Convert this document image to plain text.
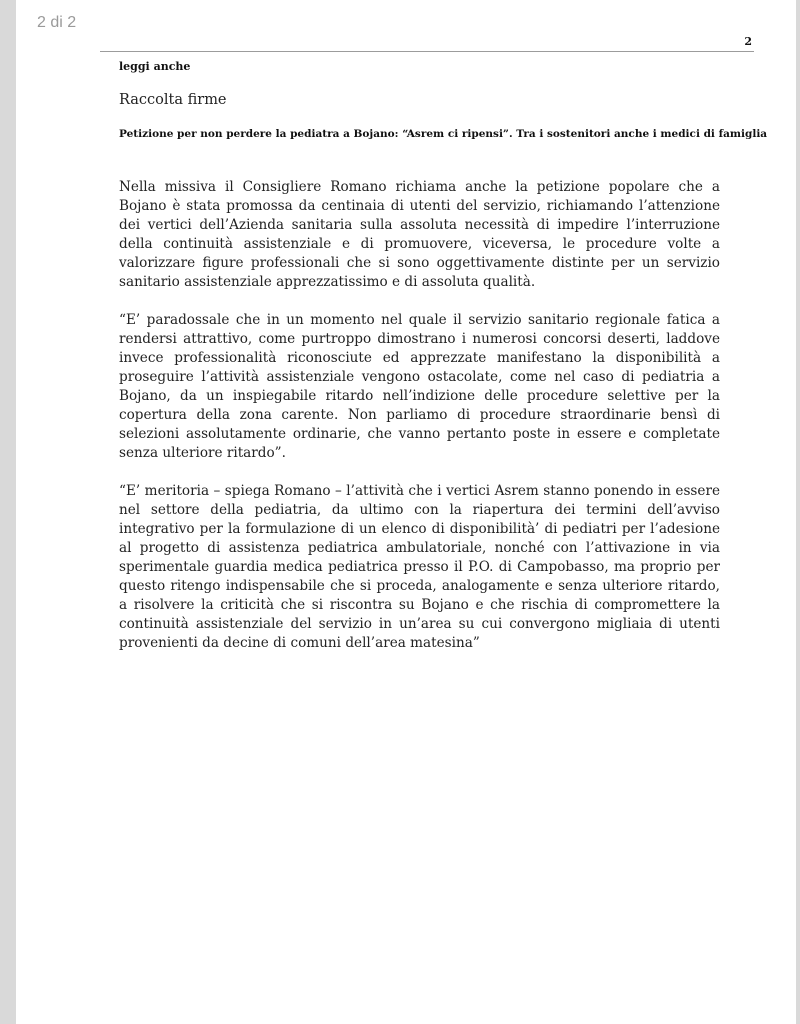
2 di 2
2
leggi anche
Raccolta firme
Petizione per non perdere la pediatra a Bojano: “Asrem ci ripensi”. Tra i sostenitori anche i medici di famiglia

Nella missiva il Consigliere Romano richiama anche la petizione popolare che a Bojano è stata promossa da centinaia di utenti del servizio, richiamando l’attenzione dei vertici dell’Azienda sanitaria sulla assoluta necessità di impedire l’interruzione della continuità assistenziale e di promuovere, viceversa, le procedure volte a valorizzare figure professionali che si sono oggettivamente distinte per un servizio sanitario assistenziale apprezzatissimo e di assoluta qualità.

“E’ paradossale che in un momento nel quale il servizio sanitario regionale fatica a rendersi attrattivo, come purtroppo dimostrano i numerosi concorsi deserti, laddove invece professionalità riconosciute ed apprezzate manifestano la disponibilità a proseguire l’attività assistenziale vengono ostacolate, come nel caso di pediatria a Bojano, da un inspiegabile ritardo nell’indizione delle procedure selettive per la copertura della zona carente. Non parliamo di procedure straordinarie bensì di selezioni assolutamente ordinarie, che vanno pertanto poste in essere e completate senza ulteriore ritardo”.

“E’ meritoria – spiega Romano – l’attività che i vertici Asrem stanno ponendo in essere nel settore della pediatria, da ultimo con la riapertura dei termini dell’avviso integrativo per la formulazione di un elenco di disponibilità’ di pediatri per l’adesione al progetto di assistenza pediatrica ambulatoriale, nonché con l’attivazione in via sperimentale guardia medica pediatrica presso il P.O. di Campobasso, ma proprio per questo ritengo indispensabile che si proceda, analogamente e senza ulteriore ritardo, a risolvere la criticità che si riscontra su Bojano e che rischia di compromettere la continuità assistenziale del servizio in un’area su cui convergono migliaia di utenti provenienti da decine di comuni dell’area matesina”
